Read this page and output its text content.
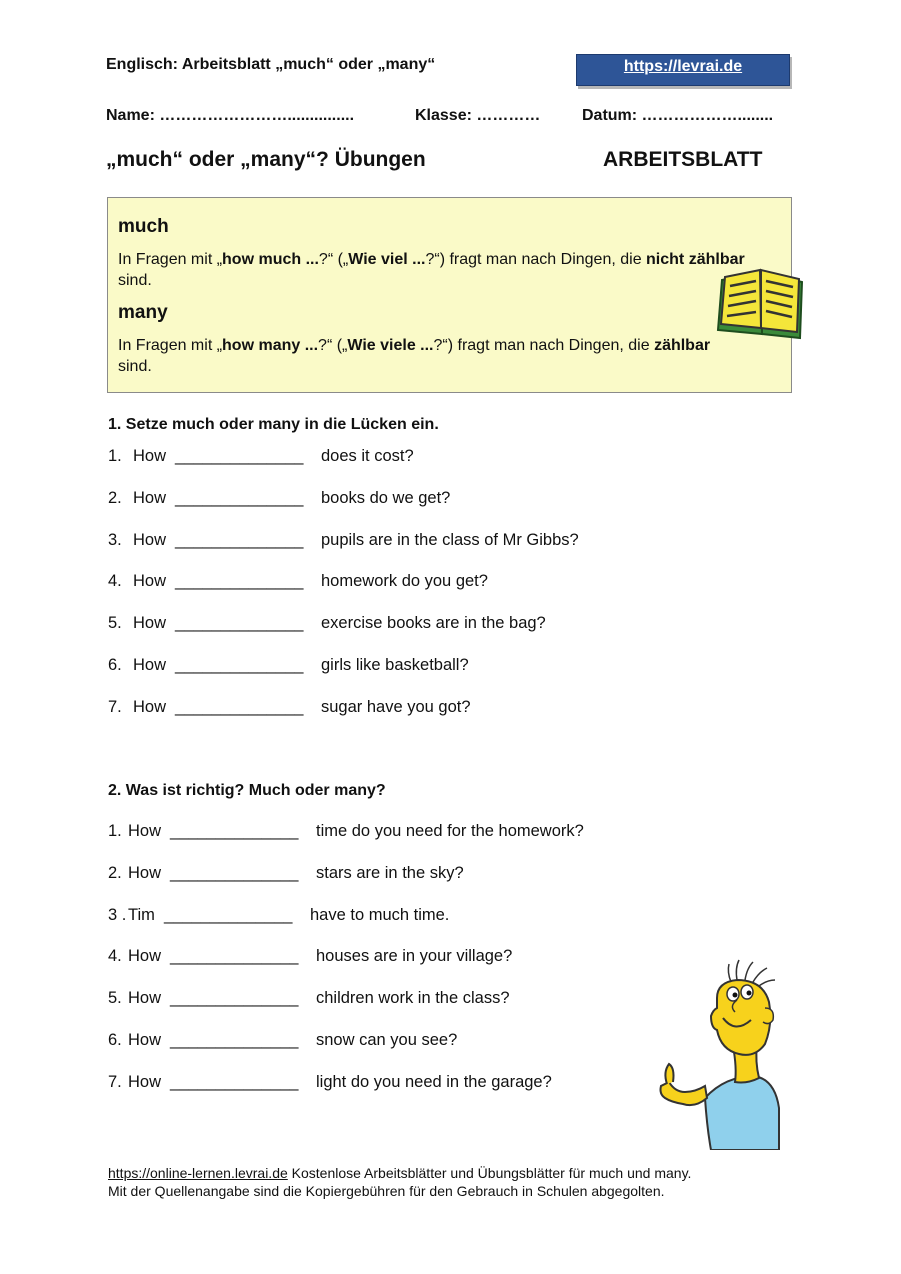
Englisch: Arbeitsblatt „much“ oder „many“	https://levrai.de
Name: ……………………...............	Klasse: …………	Datum: ………………........
„much“ oder „many“? Übungen	ARBEITSBLATT
much
In Fragen mit „how much ...?“ („Wie viel ...?“) fragt man nach Dingen, die nicht zählbar sind.
many
In Fragen mit „how many ...?“ („Wie viele ...?“) fragt man nach Dingen, die zählbar sind.
1. Setze much oder many in die Lücken ein.
1. How ______________ does it cost?
2. How ______________ books do we get?
3. How ______________ pupils are in the class of Mr Gibbs?
4. How ______________ homework do you get?
5. How ______________ exercise books are in the bag?
6. How ______________ girls like basketball?
7. How ______________ sugar have you got?
2. Was ist richtig? Much oder many?
1. How ______________ time do you need for the homework?
2. How ______________ stars are in the sky?
3 . Tim ______________ have to much time.
4. How ______________ houses are in your village?
5. How ______________ children work in the class?
6. How ______________ snow can you see?
7. How ______________ light do you need in the garage?
https://online-lernen.levrai.de Kostenlose Arbeitsblätter und Übungsblätter für much und many.
Mit der Quellenangabe sind die Kopiergebühren für den Gebrauch in Schulen abgegolten.
